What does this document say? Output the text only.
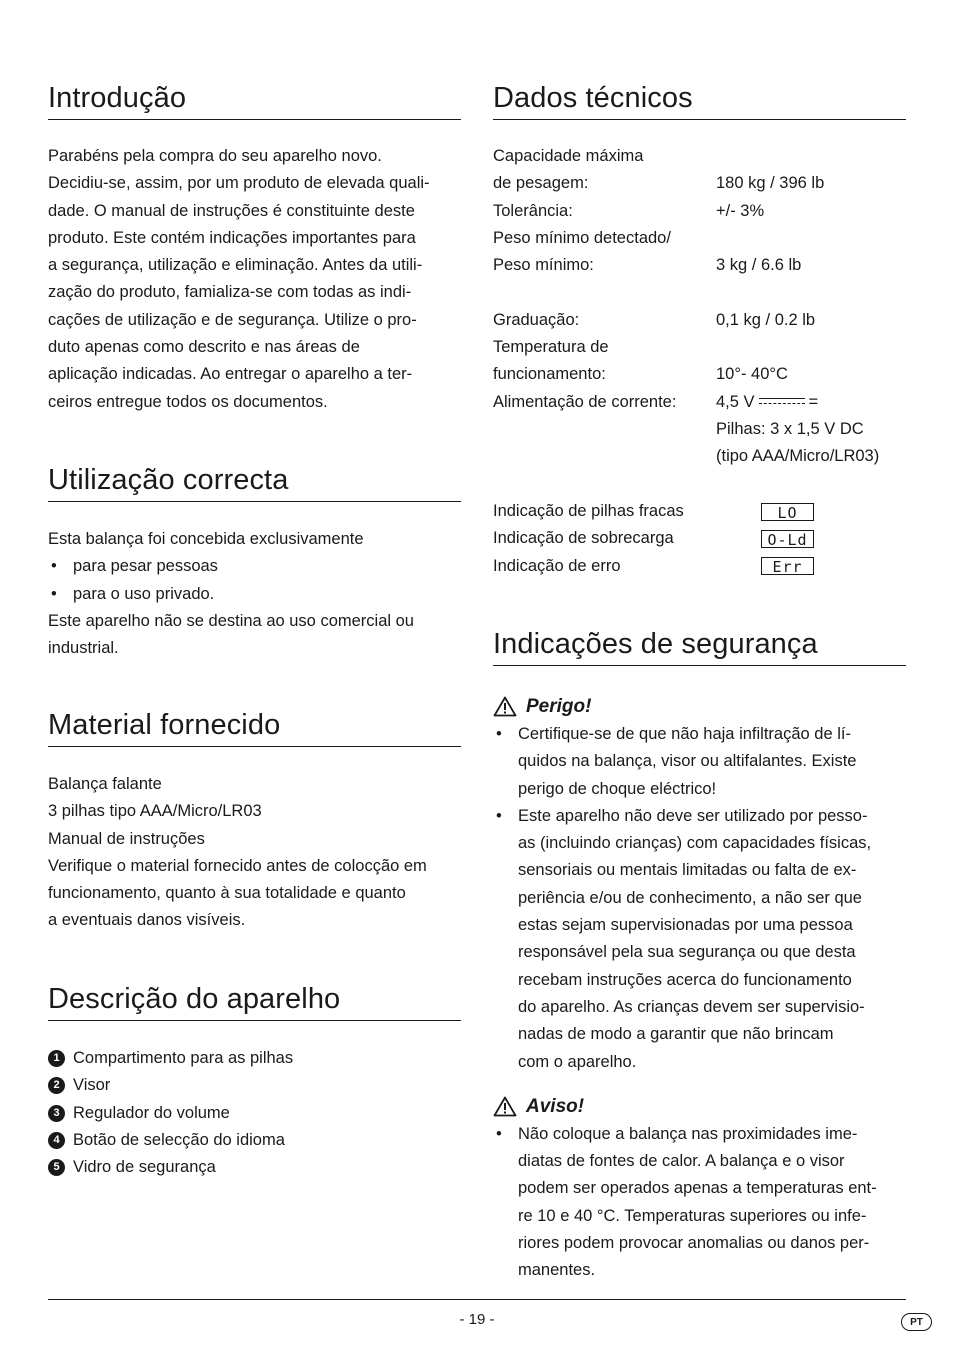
Introdução

Parabéns pela compra do seu aparelho novo.

Decidiu-se, assim, por um produto de elevada quali-

dade. O manual de instruções é constituinte deste

produto. Este contém indicações importantes para

a segurança, utilização e eliminação. Antes da utili-

zação do produto, famializa-se com todas as indi-

cações de utilização e de segurança. Utilize o pro-

duto apenas como descrito e nas áreas de

aplicação indicadas. Ao entregar o aparelho a ter-

ceiros entregue todos os documentos.

Utilização correcta

Esta balança foi concebida exclusivamente

• para pesar pessoas

• para o uso privado.

Este aparelho não se destina ao uso comercial ou

industrial.

Material fornecido

Balança falante

3 pilhas tipo AAA/Micro/LR03

Manual de instruções

Verifique o material fornecido antes de colocção em

funcionamento, quanto à sua totalidade e quanto

a eventuais danos visíveis.

Descrição do aparelho
1 Compartimento para as pilhas
2 Visor
3 Regulador do volume
4 Botão de selecção do idioma
5 Vidro de segurança
Dados técnicos
Capacidade máxima
de pesagem:	180 kg / 396 lb
Tolerância:	+/- 3%
Peso mínimo detectado/
Peso mínimo:	3 kg / 6.6 lb
Graduação:	0,1 kg / 0.2 lb
Temperatura de
funcionamento:	10°- 40°C
Alimentação de corrente:	4,5 V	=
Pilhas: 3 x 1,5 V DC
(tipo AAA/Micro/LR03)
Indicação de pilhas fracas	LO
Indicação de sobrecarga	O-Ld
Indicação de erro	Err
Indicações de segurança
Perigo!
• Certifique-se de que não haja infiltração de lí-

quidos na balança, visor ou altifalantes. Existe

perigo de choque eléctrico!

• Este aparelho não deve ser utilizado por pesso-

as (incluindo crianças) com capacidades físicas,

sensoriais ou mentais limitadas ou falta de ex-

periência e/ou de conhecimento, a não ser que

estas sejam supervisionadas por uma pessoa

responsável pela sua segurança ou que desta

recebam instruções acerca do funcionamento

do aparelho. As crianças devem ser supervisio-

nadas de modo a garantir que não brincam

com o aparelho.

Aviso!
• Não coloque a balança nas proximidades ime-

diatas de fontes de calor. A balança e o visor

podem ser operados apenas a temperaturas ent-

re 10 e 40 °C. Temperaturas superiores ou infe-

riores podem provocar anomalias ou danos per-

manentes.

- 19 -	PT
